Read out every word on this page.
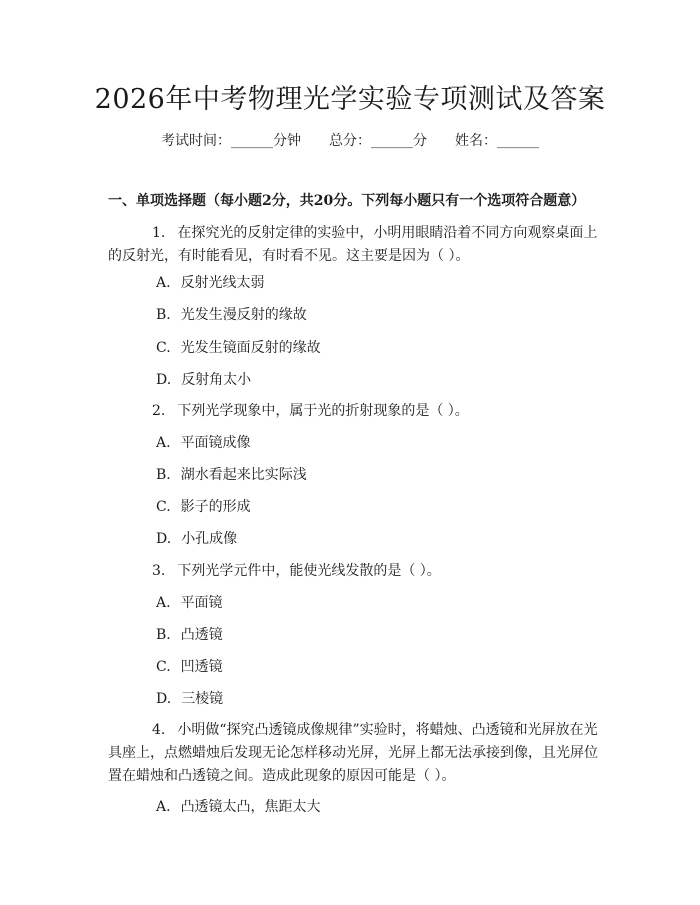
2026年中考物理光学实验专项测试及答案
考试时间：______分钟 总分：______分 姓名：______
一、单项选择题（每小题2分，共20分。下列每小题只有一个选项符合题意）
1. 在探究光的反射定律的实验中，小明用眼睛沿着不同方向观察桌面上的反射光，有时能看见，有时看不见。这主要是因为（ ）。
A. 反射光线太弱
B. 光发生漫反射的缘故
C. 光发生镜面反射的缘故
D. 反射角太小
2. 下列光学现象中，属于光的折射现象的是（ ）。
A. 平面镜成像
B. 湖水看起来比实际浅
C. 影子的形成
D. 小孔成像
3. 下列光学元件中，能使光线发散的是（ ）。
A. 平面镜
B. 凸透镜
C. 凹透镜
D. 三棱镜
4. 小明做“探究凸透镜成像规律”实验时，将蜡烛、凸透镜和光屏放在光具座上，点燃蜡烛后发现无论怎样移动光屏，光屏上都无法承接到像，且光屏位置在蜡烛和凸透镜之间。造成此现象的原因可能是（ ）。
A. 凸透镜太凸，焦距太大
